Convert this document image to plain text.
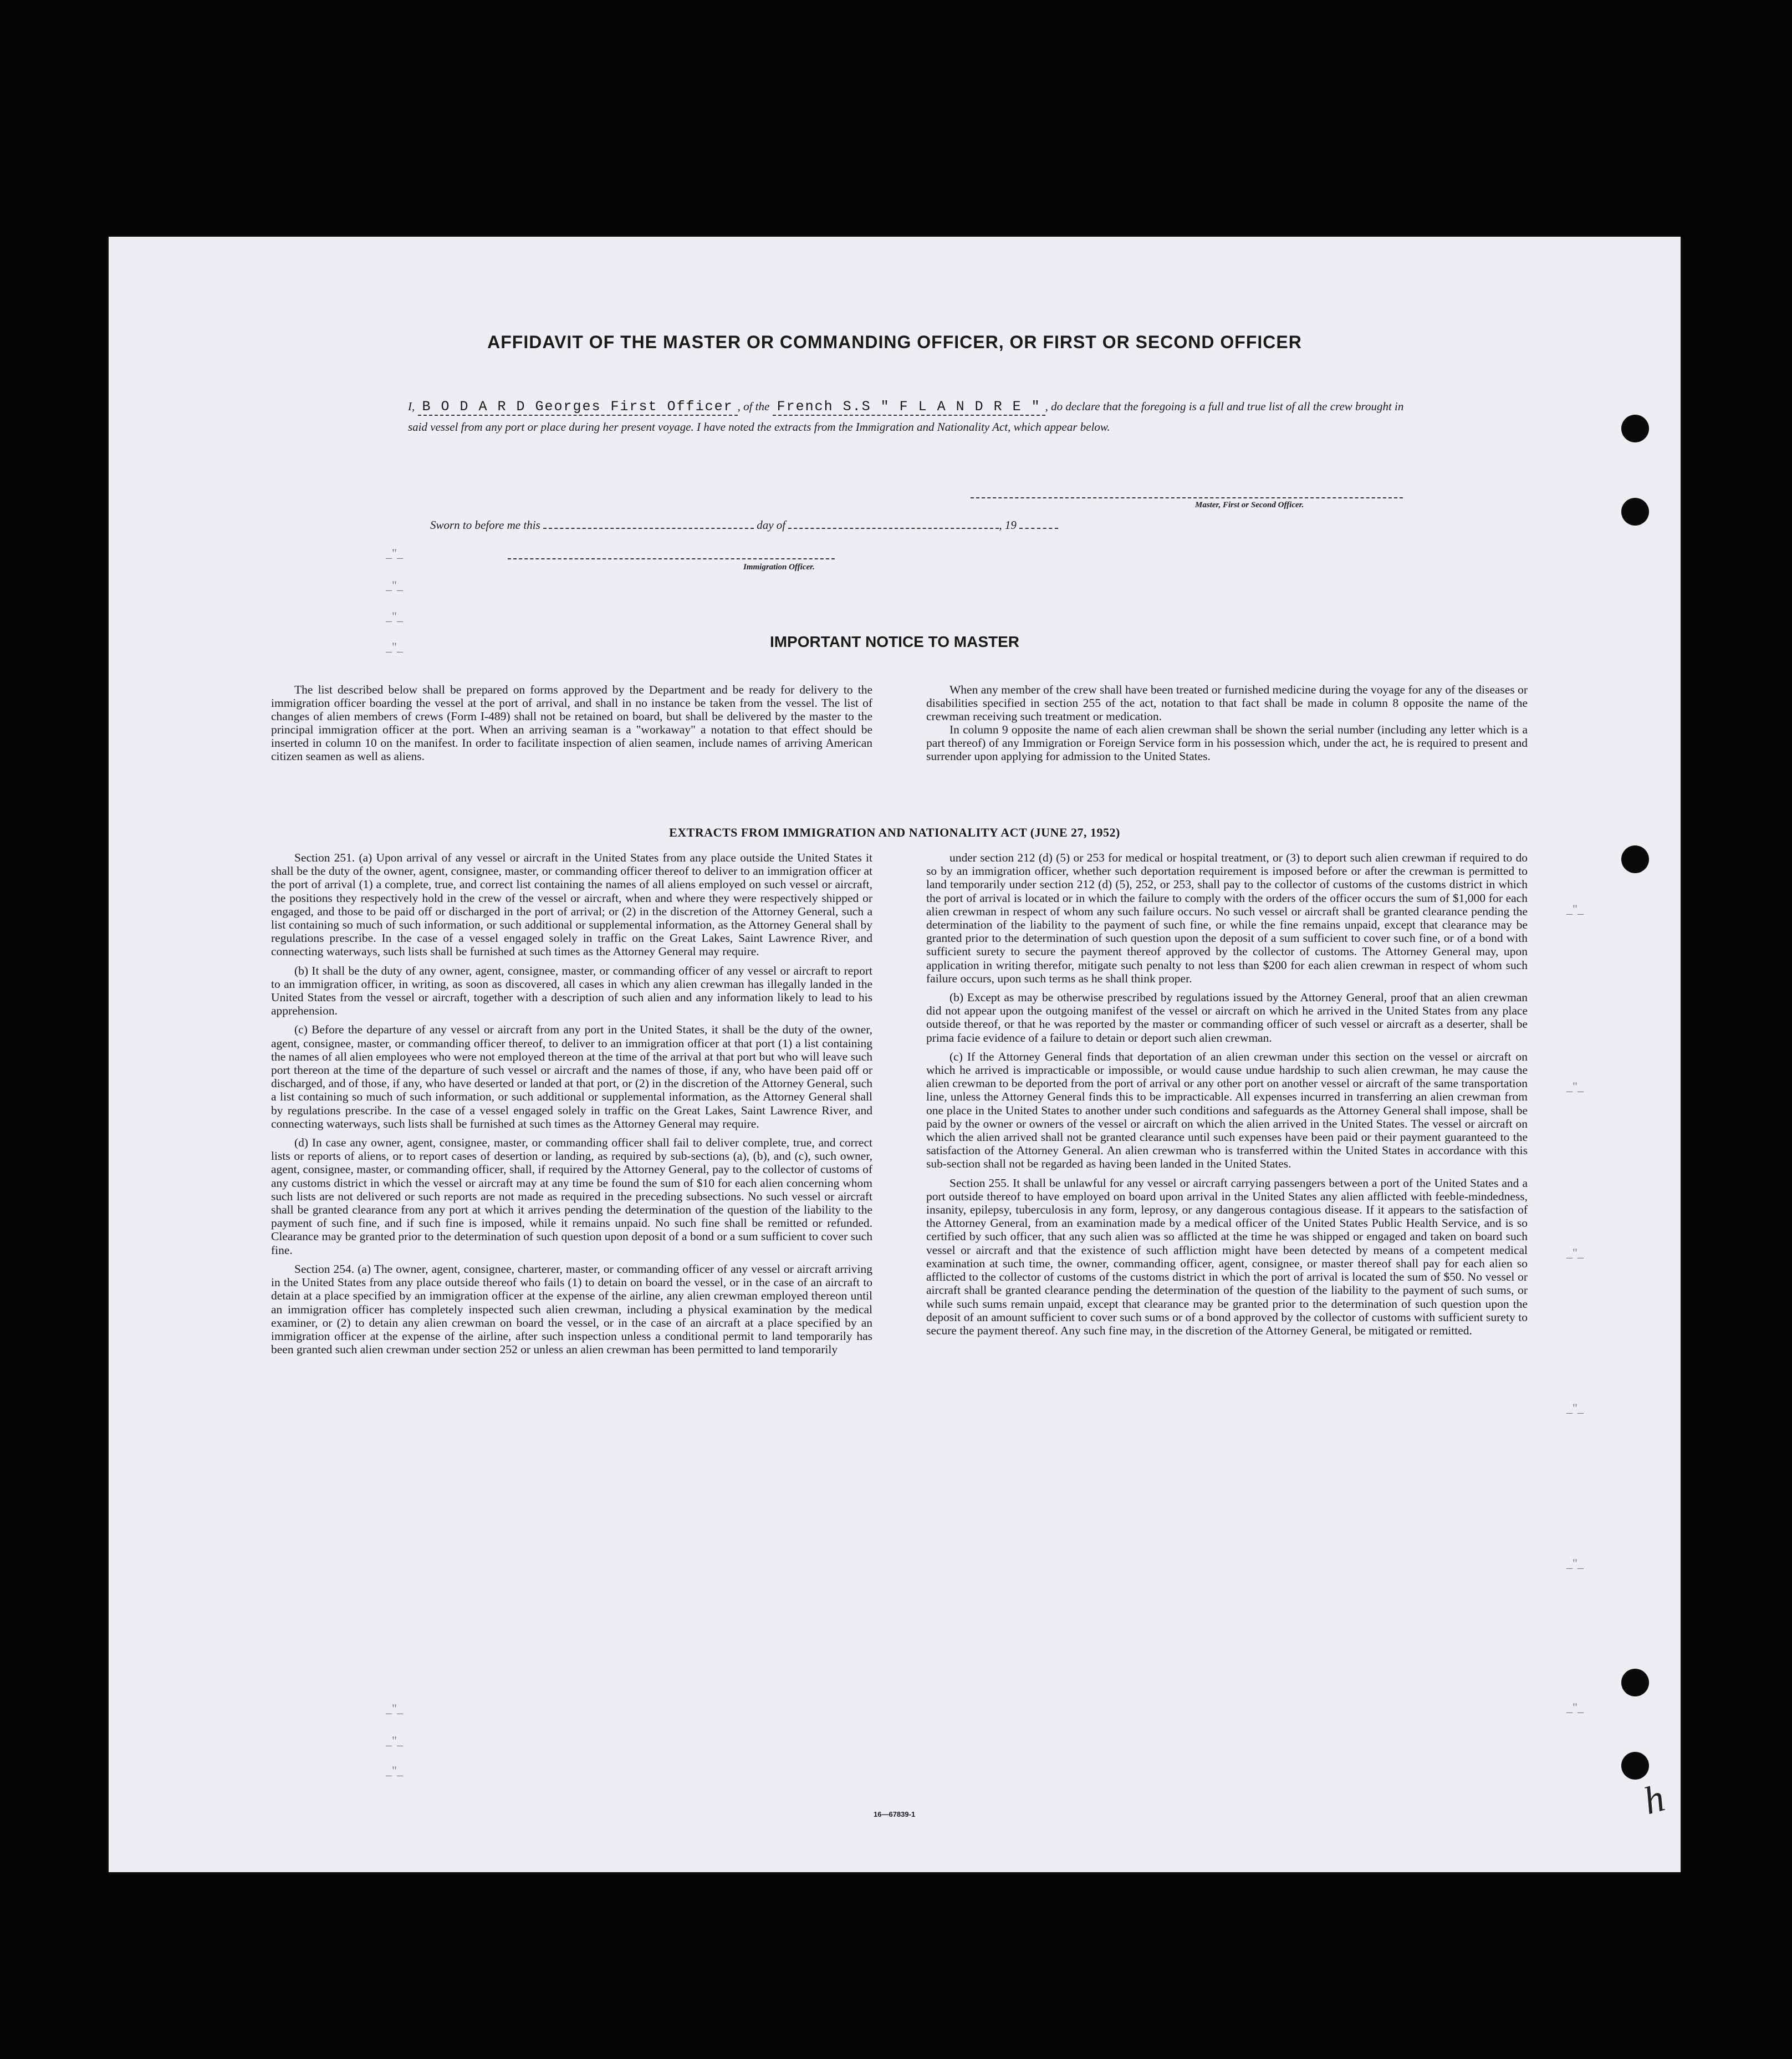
AFFIDAVIT OF THE MASTER OR COMMANDING OFFICER, OR FIRST OR SECOND OFFICER
I, B O D A R D Georges First Officer , of the French S.S " F L A N D R E " , do declare that the foregoing is a full and true list of all the crew brought in said vessel from any port or place during her present voyage. I have noted the extracts from the Immigration and Nationality Act, which appear below.
Master, First or Second Officer.
Sworn to before me this	day of	, 19
Immigration Officer.
IMPORTANT NOTICE TO MASTER

The list described below shall be prepared on forms approved by the Department and be ready for delivery to the immigration officer boarding the vessel at the port of arrival, and shall in no instance be taken from the vessel. The list of changes of alien members of crews (Form I-489) shall not be retained on board, but shall be delivered by the master to the principal immigration officer at the port. When an arriving seaman is a "workaway" a notation to that effect should be inserted in column 10 on the manifest. In order to facilitate inspection of alien seamen, include names of arriving American citizen seamen as well as aliens.

When any member of the crew shall have been treated or furnished medicine during the voyage for any of the diseases or disabilities specified in section 255 of the act, notation to that fact shall be made in column 8 opposite the name of the crewman receiving such treatment or medication.

In column 9 opposite the name of each alien crewman shall be shown the serial number (including any letter which is a part thereof) of any Immigration or Foreign Service form in his possession which, under the act, he is required to present and surrender upon applying for admission to the United States.

EXTRACTS FROM IMMIGRATION AND NATIONALITY ACT (JUNE 27, 1952)

Section 251. (a) Upon arrival of any vessel or aircraft in the United States from any place outside the United States it shall be the duty of the owner, agent, consignee, master, or commanding officer thereof to deliver to an immigration officer at the port of arrival (1) a complete, true, and correct list containing the names of all aliens employed on such vessel or aircraft, the positions they respectively hold in the crew of the vessel or aircraft, when and where they were respectively shipped or engaged, and those to be paid off or discharged in the port of arrival; or (2) in the discretion of the Attorney General, such a list containing so much of such information, or such additional or supplemental information, as the Attorney General shall by regulations prescribe. In the case of a vessel engaged solely in traffic on the Great Lakes, Saint Lawrence River, and connecting waterways, such lists shall be furnished at such times as the Attorney General may require.

(b) It shall be the duty of any owner, agent, consignee, master, or commanding officer of any vessel or aircraft to report to an immigration officer, in writing, as soon as discovered, all cases in which any alien crewman has illegally landed in the United States from the vessel or aircraft, together with a description of such alien and any information likely to lead to his apprehension.

(c) Before the departure of any vessel or aircraft from any port in the United States, it shall be the duty of the owner, agent, consignee, master, or commanding officer thereof, to deliver to an immigration officer at that port (1) a list containing the names of all alien employees who were not employed thereon at the time of the arrival at that port but who will leave such port thereon at the time of the departure of such vessel or aircraft and the names of those, if any, who have been paid off or discharged, and of those, if any, who have deserted or landed at that port, or (2) in the discretion of the Attorney General, such a list containing so much of such information, or such additional or supplemental information, as the Attorney General shall by regulations prescribe. In the case of a vessel engaged solely in traffic on the Great Lakes, Saint Lawrence River, and connecting waterways, such lists shall be furnished at such times as the Attorney General may require.

(d) In case any owner, agent, consignee, master, or commanding officer shall fail to deliver complete, true, and correct lists or reports of aliens, or to report cases of desertion or landing, as required by sub-sections (a), (b), and (c), such owner, agent, consignee, master, or commanding officer, shall, if required by the Attorney General, pay to the collector of customs of any customs district in which the vessel or aircraft may at any time be found the sum of $10 for each alien concerning whom such lists are not delivered or such reports are not made as required in the preceding subsections. No such vessel or aircraft shall be granted clearance from any port at which it arrives pending the determination of the question of the liability to the payment of such fine, and if such fine is imposed, while it remains unpaid. No such fine shall be remitted or refunded. Clearance may be granted prior to the determination of such question upon deposit of a bond or a sum sufficient to cover such fine.

Section 254. (a) The owner, agent, consignee, charterer, master, or commanding officer of any vessel or aircraft arriving in the United States from any place outside thereof who fails (1) to detain on board the vessel, or in the case of an aircraft to detain at a place specified by an immigration officer at the expense of the airline, any alien crewman employed thereon until an immigration officer has completely inspected such alien crewman, including a physical examination by the medical examiner, or (2) to detain any alien crewman on board the vessel, or in the case of an aircraft at a place specified by an immigration officer at the expense of the airline, after such inspection unless a conditional permit to land temporarily has been granted such alien crewman under section 252 or unless an alien crewman has been permitted to land temporarily

under section 212 (d) (5) or 253 for medical or hospital treatment, or (3) to deport such alien crewman if required to do so by an immigration officer, whether such deportation requirement is imposed before or after the crewman is permitted to land temporarily under section 212 (d) (5), 252, or 253, shall pay to the collector of customs of the customs district in which the port of arrival is located or in which the failure to comply with the orders of the officer occurs the sum of $1,000 for each alien crewman in respect of whom any such failure occurs. No such vessel or aircraft shall be granted clearance pending the determination of the liability to the payment of such fine, or while the fine remains unpaid, except that clearance may be granted prior to the determination of such question upon the deposit of a sum sufficient to cover such fine, or of a bond with sufficient surety to secure the payment thereof approved by the collector of customs. The Attorney General may, upon application in writing therefor, mitigate such penalty to not less than $200 for each alien crewman in respect of whom such failure occurs, upon such terms as he shall think proper.

(b) Except as may be otherwise prescribed by regulations issued by the Attorney General, proof that an alien crewman did not appear upon the outgoing manifest of the vessel or aircraft on which he arrived in the United States from any place outside thereof, or that he was reported by the master or commanding officer of such vessel or aircraft as a deserter, shall be prima facie evidence of a failure to detain or deport such alien crewman.

(c) If the Attorney General finds that deportation of an alien crewman under this section on the vessel or aircraft on which he arrived is impracticable or impossible, or would cause undue hardship to such alien crewman, he may cause the alien crewman to be deported from the port of arrival or any other port on another vessel or aircraft of the same transportation line, unless the Attorney General finds this to be impracticable. All expenses incurred in transferring an alien crewman from one place in the United States to another under such conditions and safeguards as the Attorney General shall impose, shall be paid by the owner or owners of the vessel or aircraft on which the alien arrived in the United States. The vessel or aircraft on which the alien arrived shall not be granted clearance until such expenses have been paid or their payment guaranteed to the satisfaction of the Attorney General. An alien crewman who is transferred within the United States in accordance with this sub-section shall not be regarded as having been landed in the United States.

Section 255. It shall be unlawful for any vessel or aircraft carrying passengers between a port of the United States and a port outside thereof to have employed on board upon arrival in the United States any alien afflicted with feeble-mindedness, insanity, epilepsy, tuberculosis in any form, leprosy, or any dangerous contagious disease. If it appears to the satisfaction of the Attorney General, from an examination made by a medical officer of the United States Public Health Service, and is so certified by such officer, that any such alien was so afflicted at the time he was shipped or engaged and taken on board such vessel or aircraft and that the existence of such affliction might have been detected by means of a competent medical examination at such time, the owner, commanding officer, agent, consignee, or master thereof shall pay for each alien so afflicted to the collector of customs of the customs district in which the port of arrival is located the sum of $50. No vessel or aircraft shall be granted clearance pending the determination of the question of the liability to the payment of such sums, or while such sums remain unpaid, except that clearance may be granted prior to the determination of such question upon the deposit of an amount sufficient to cover such sums or of a bond approved by the collector of customs with sufficient surety to secure the payment thereof. Any such fine may, in the discretion of the Attorney General, be mitigated or remitted.

16—67839-1	h
_"_
_"_
_"_
_"_
_"_
_"_
_"_
_"_
_"_
_"_
_"_
_"_
_"_
